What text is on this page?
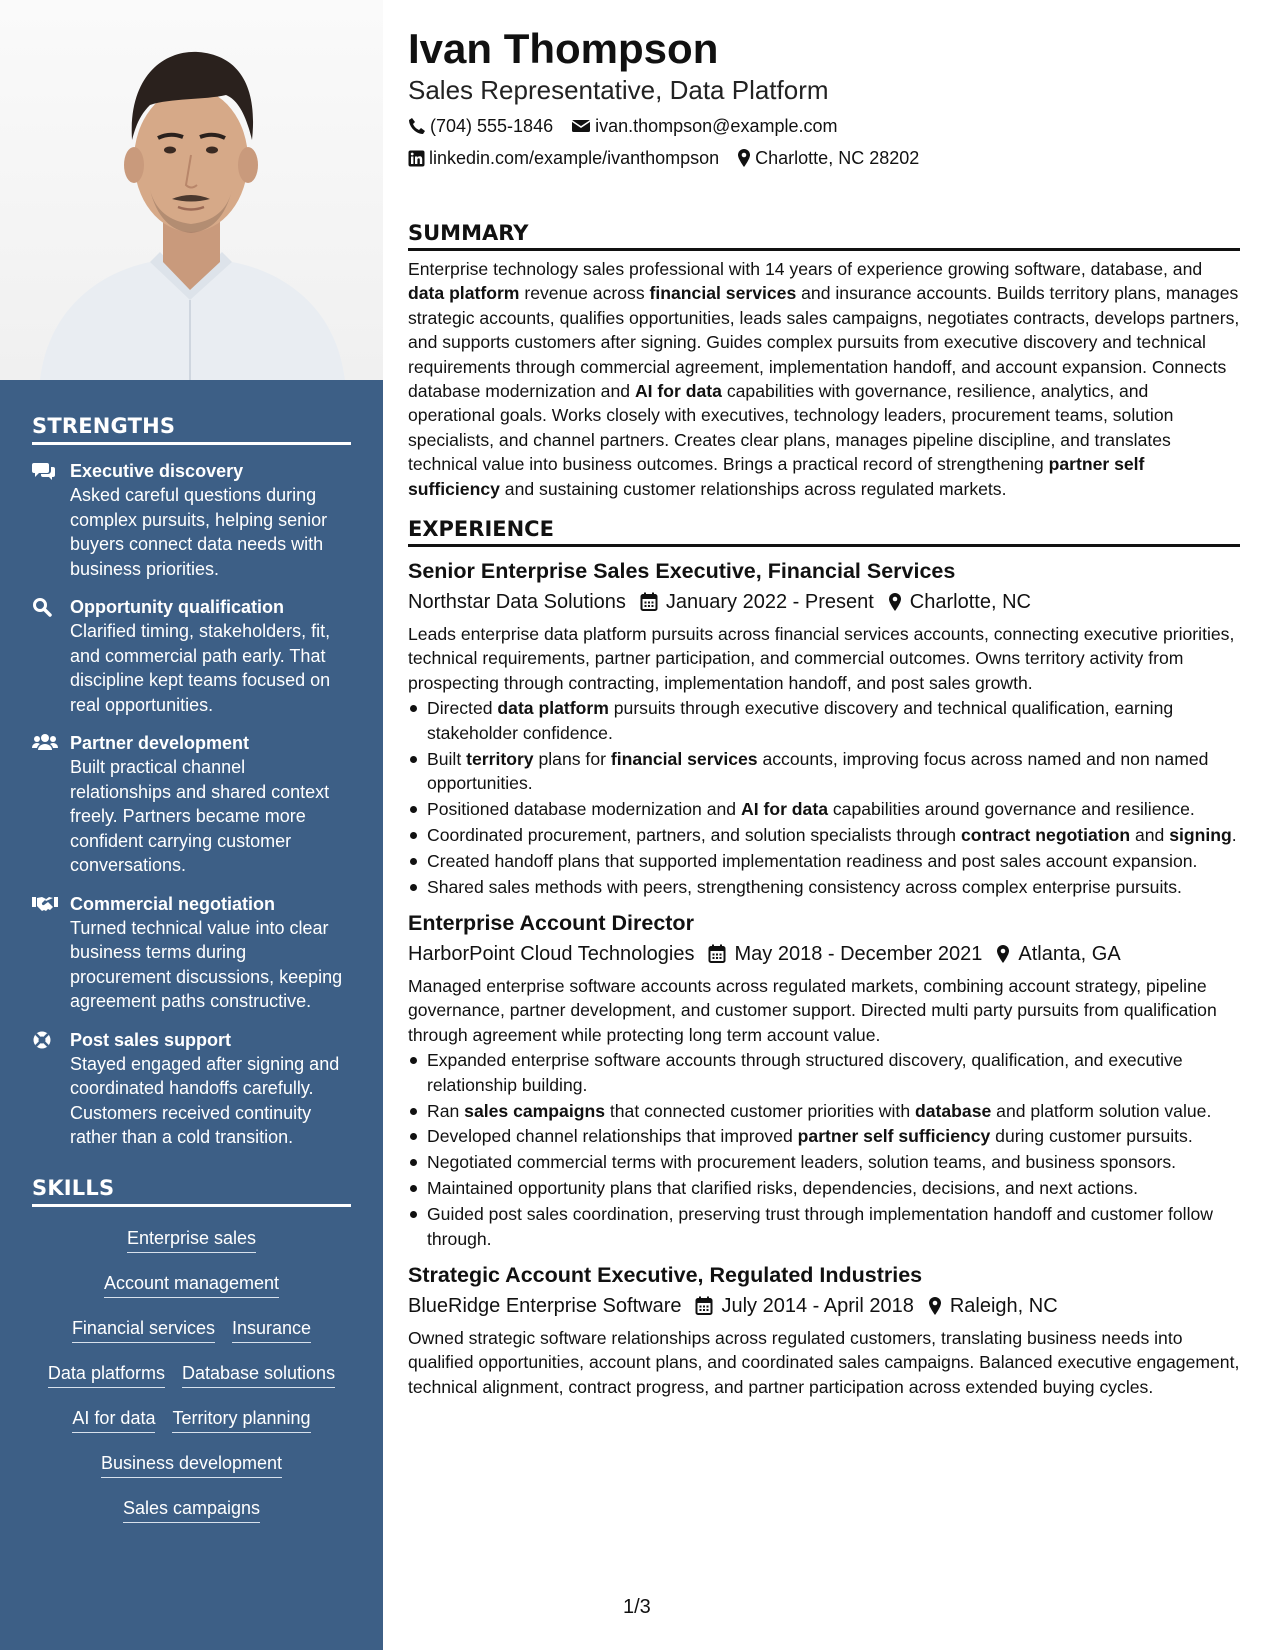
STRENGTHS
Executive discovery
Asked careful questions during complex pursuits, helping senior buyers connect data needs with business priorities.
Opportunity qualification
Clarified timing, stakeholders, fit, and commercial path early. That discipline kept teams focused on real opportunities.
Partner development
Built practical channel relationships and shared context freely. Partners became more confident carrying customer conversations.
Commercial negotiation
Turned technical value into clear business terms during procurement discussions, keeping agreement paths constructive.
Post sales support
Stayed engaged after signing and coordinated handoffs carefully. Customers received continuity rather than a cold transition.
SKILLS
Enterprise sales
Account management
Financial services Insurance
Data platforms Database solutions
AI for data Territory planning
Business development
Sales campaigns
Ivan Thompson
Sales Representative, Data Platform
(704) 555-1846 ivan.thompson@example.com
linkedin.com/example/ivanthompson Charlotte, NC 28202
SUMMARY
Enterprise technology sales professional with 14 years of experience growing software, database, and data platform revenue across financial services and insurance accounts. Builds territory plans, manages strategic accounts, qualifies opportunities, leads sales campaigns, negotiates contracts, develops partners, and supports customers after signing. Guides complex pursuits from executive discovery and technical requirements through commercial agreement, implementation handoff, and account expansion. Connects database modernization and AI for data capabilities with governance, resilience, analytics, and operational goals. Works closely with executives, technology leaders, procurement teams, solution specialists, and channel partners. Creates clear plans, manages pipeline discipline, and translates technical value into business outcomes. Brings a practical record of strengthening partner self sufficiency and sustaining customer relationships across regulated markets.
EXPERIENCE
Senior Enterprise Sales Executive, Financial Services
Northstar Data Solutions January 2022 - Present Charlotte, NC
Leads enterprise data platform pursuits across financial services accounts, connecting executive priorities, technical requirements, partner participation, and commercial outcomes. Owns territory activity from prospecting through contracting, implementation handoff, and post sales growth.
Directed data platform pursuits through executive discovery and technical qualification, earning stakeholder confidence.
Built territory plans for financial services accounts, improving focus across named and non named opportunities.
Positioned database modernization and AI for data capabilities around governance and resilience.
Coordinated procurement, partners, and solution specialists through contract negotiation and signing.
Created handoff plans that supported implementation readiness and post sales account expansion.
Shared sales methods with peers, strengthening consistency across complex enterprise pursuits.
Enterprise Account Director
HarborPoint Cloud Technologies May 2018 - December 2021 Atlanta, GA
Managed enterprise software accounts across regulated markets, combining account strategy, pipeline governance, partner development, and customer support. Directed multi party pursuits from qualification through agreement while protecting long term account value.
Expanded enterprise software accounts through structured discovery, qualification, and executive relationship building.
Ran sales campaigns that connected customer priorities with database and platform solution value.
Developed channel relationships that improved partner self sufficiency during customer pursuits.
Negotiated commercial terms with procurement leaders, solution teams, and business sponsors.
Maintained opportunity plans that clarified risks, dependencies, decisions, and next actions.
Guided post sales coordination, preserving trust through implementation handoff and customer follow through.
Strategic Account Executive, Regulated Industries
BlueRidge Enterprise Software July 2014 - April 2018 Raleigh, NC
Owned strategic software relationships across regulated customers, translating business needs into qualified opportunities, account plans, and coordinated sales campaigns. Balanced executive engagement, technical alignment, contract progress, and partner participation across extended buying cycles.
1/3
